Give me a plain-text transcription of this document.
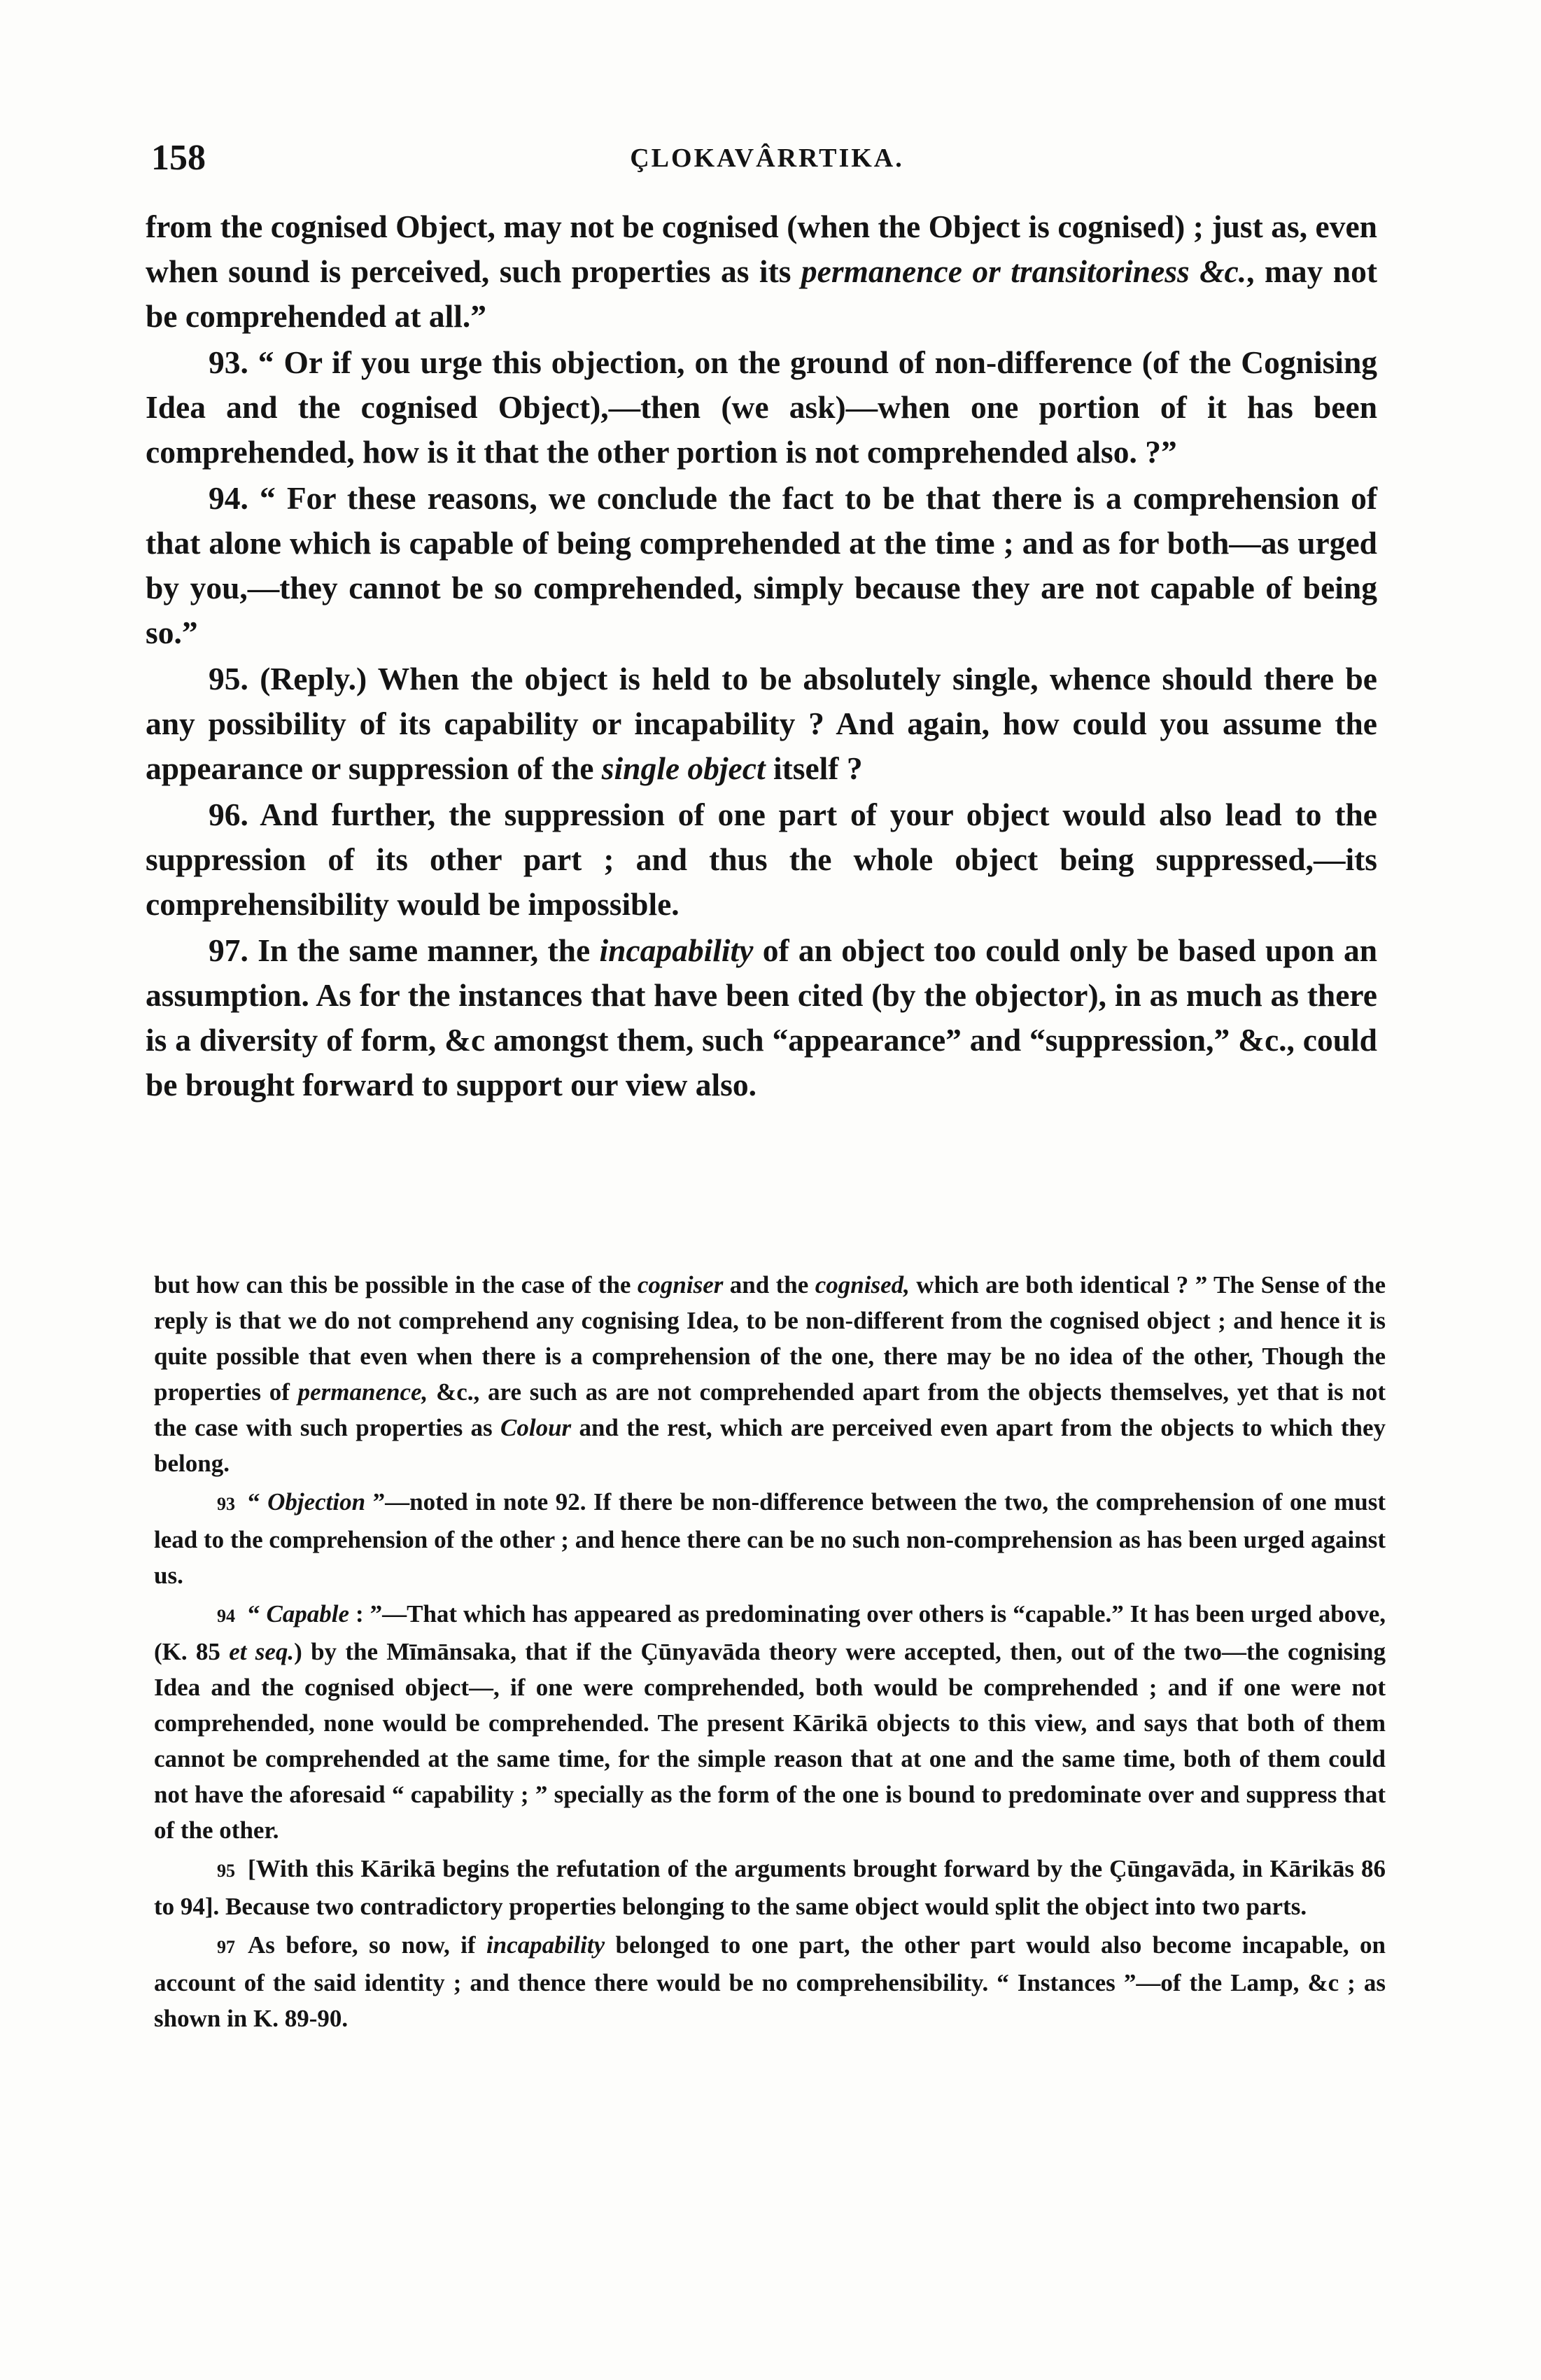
158	ÇLOKAVÂRRTIKA.

from the cognised Object, may not be cognised (when the Object is cognised) ; just as, even when sound is perceived, such properties as its permanence or transitoriness &c., may not be comprehended at all.”

93. “ Or if you urge this objection, on the ground of non-difference (of the Cognising Idea and the cognised Object),—then (we ask)—when one portion of it has been comprehended, how is it that the other portion is not comprehended also. ?”

94. “ For these reasons, we conclude the fact to be that there is a comprehension of that alone which is capable of being comprehended at the time ; and as for both—as urged by you,—they cannot be so comprehended, simply because they are not capable of being so.”

95. (Reply.) When the object is held to be absolutely single, whence should there be any possibility of its capability or incapability ? And again, how could you assume the appearance or suppression of the single object itself ?

96. And further, the suppression of one part of your object would also lead to the suppression of its other part ; and thus the whole object being suppressed,—its comprehensibility would be impossible.

97. In the same manner, the incapability of an object too could only be based upon an assumption. As for the instances that have been cited (by the objector), in as much as there is a diversity of form, &c amongst them, such “appearance” and “suppression,” &c., could be brought forward to support our view also.

but how can this be possible in the case of the cogniser and the cognised, which are both identical ? ” The Sense of the reply is that we do not comprehend any cognising Idea, to be non-different from the cognised object ; and hence it is quite possible that even when there is a comprehension of the one, there may be no idea of the other, Though the properties of permanence, &c., are such as are not comprehended apart from the objects themselves, yet that is not the case with such properties as Colour and the rest, which are perceived even apart from the objects to which they belong.

93 “ Objection ”—noted in note 92. If there be non-difference between the two, the comprehension of one must lead to the comprehension of the other ; and hence there can be no such non-comprehension as has been urged against us.

94 “ Capable : ”—That which has appeared as predominating over others is “capable.” It has been urged above, (K. 85 et seq.) by the Mīmānsaka, that if the Çūnyavāda theory were accepted, then, out of the two—the cognising Idea and the cognised object—, if one were comprehended, both would be comprehended ; and if one were not comprehended, none would be comprehended. The present Kārikā objects to this view, and says that both of them cannot be comprehended at the same time, for the simple reason that at one and the same time, both of them could not have the aforesaid “ capability ; ” specially as the form of the one is bound to predominate over and suppress that of the other.

95 [With this Kārikā begins the refutation of the arguments brought forward by the Çūngavāda, in Kārikās 86 to 94]. Because two contradictory properties belonging to the same object would split the object into two parts.

97 As before, so now, if incapability belonged to one part, the other part would also become incapable, on account of the said identity ; and thence there would be no comprehensibility. “ Instances ”—of the Lamp, &c ; as shown in K. 89-90.
